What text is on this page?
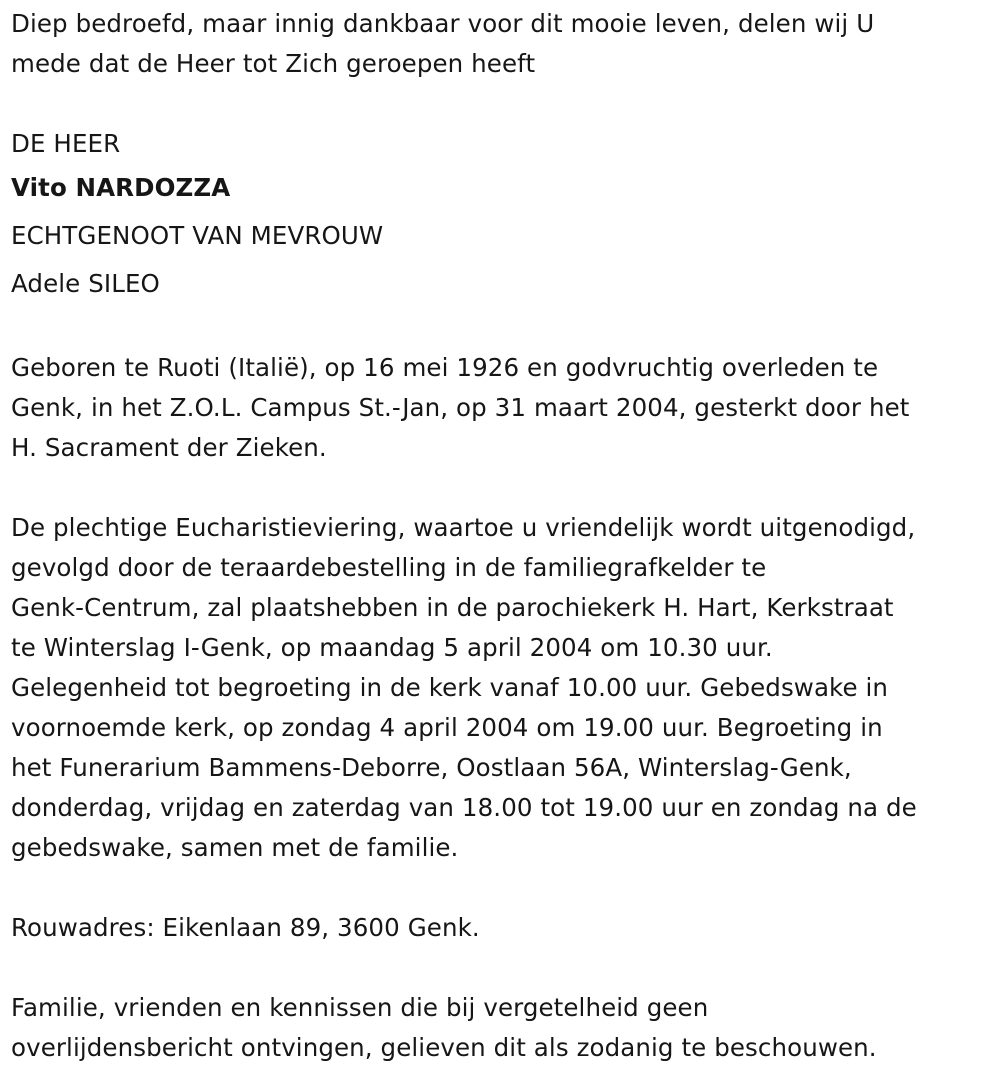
Diep bedroefd, maar innig dankbaar voor dit mooie leven, delen wij U
mede dat de Heer tot Zich geroepen heeft
DE HEER
Vito NARDOZZA
ECHTGENOOT VAN MEVROUW
Adele SILEO
Geboren te Ruoti (Italië), op 16 mei 1926 en godvruchtig overleden te
Genk, in het Z.O.L. Campus St.-Jan, op 31 maart 2004, gesterkt door het
H. Sacrament der Zieken.
De plechtige Eucharistieviering, waartoe u vriendelijk wordt uitgenodigd,
gevolgd door de teraardebestelling in de familiegrafkelder te
Genk-Centrum, zal plaatshebben in de parochiekerk H. Hart, Kerkstraat
te Winterslag I-Genk, op maandag 5 april 2004 om 10.30 uur.
Gelegenheid tot begroeting in de kerk vanaf 10.00 uur. Gebedswake in
voornoemde kerk, op zondag 4 april 2004 om 19.00 uur. Begroeting in
het Funerarium Bammens-Deborre, Oostlaan 56A, Winterslag-Genk,
donderdag, vrijdag en zaterdag van 18.00 tot 19.00 uur en zondag na de
gebedswake, samen met de familie.
Rouwadres: Eikenlaan 89, 3600 Genk.
Familie, vrienden en kennissen die bij vergetelheid geen
overlijdensbericht ontvingen, gelieven dit als zodanig te beschouwen.
